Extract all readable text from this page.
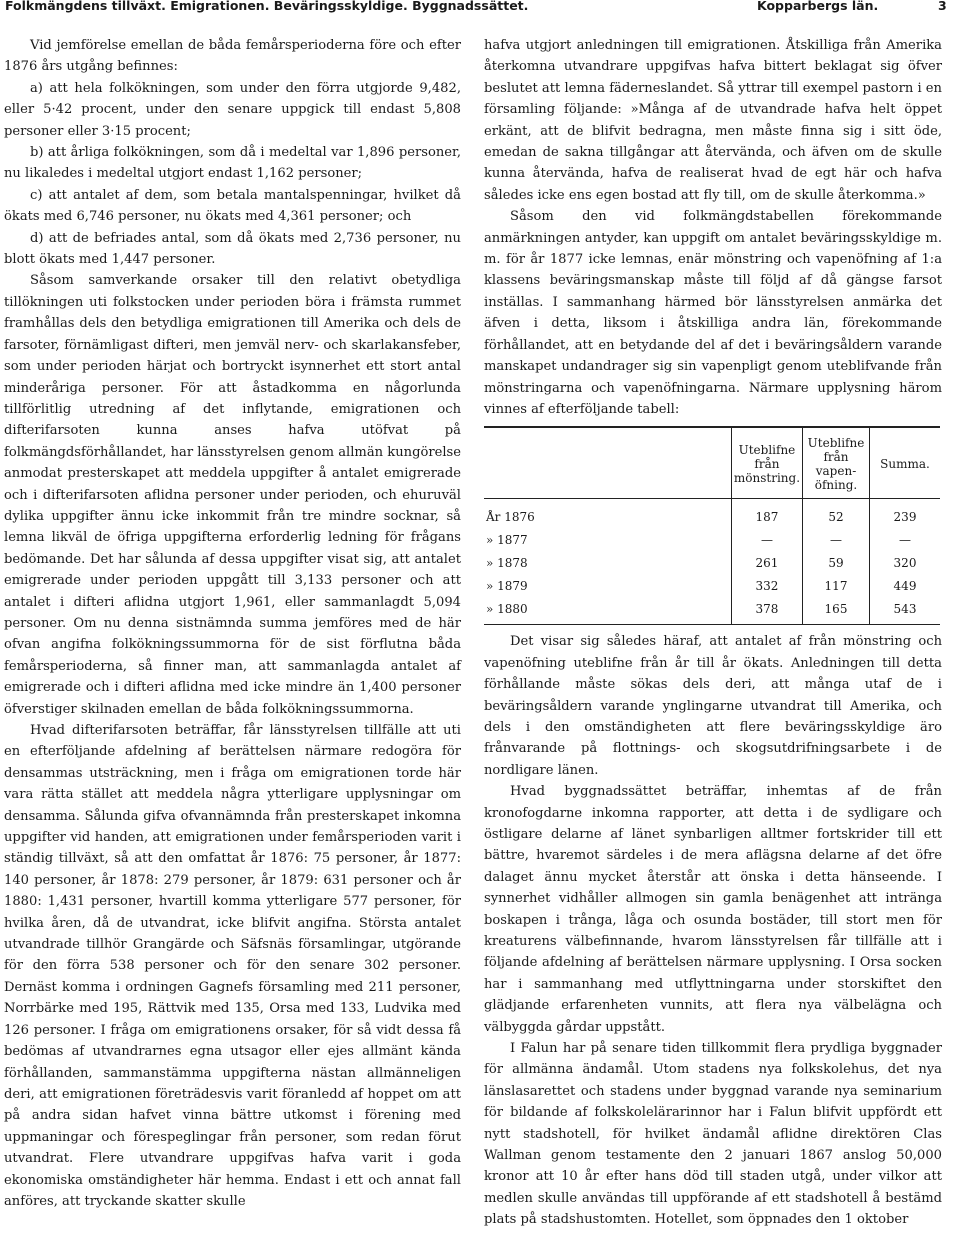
Folkmängdens tillväxt. Emigrationen. Beväringsskyldige. Byggnadssättet.	Kopparbergs län.	3

Vid jemförelse emellan de båda femårsperioderna före och efter 1876 års utgång befinnes:

a) att hela folkökningen, som under den förra utgjorde 9,482, eller 5·42 procent, under den senare uppgick till endast 5,808 personer eller 3·15 procent;

b) att årliga folkökningen, som då i medeltal var 1,896 personer, nu likaledes i medeltal utgjort endast 1,162 personer;

c) att antalet af dem, som betala mantalspenningar, hvilket då ökats med 6,746 personer, nu ökats med 4,361 personer; och

d) att de befriades antal, som då ökats med 2,736 personer, nu blott ökats med 1,447 personer.

Såsom samverkande orsaker till den relativt obetydliga tillökningen uti folkstocken under perioden böra i främsta rummet framhållas dels den betydliga emigrationen till Amerika och dels de farsoter, förnämligast difteri, men jemväl nerv- och skarlakansfeber, som under perioden härjat och bortryckt isynnerhet ett stort antal minderåriga personer. För att åstadkomma en någorlunda tillförlitlig utredning af det inflytande, emigrationen och difterifarsoten kunna anses hafva utöfvat på folkmängdsförhållandet, har länsstyrelsen genom allmän kungörelse anmodat presterskapet att meddela uppgifter å antalet emigrerade och i difterifarsoten aflidna personer under perioden, och ehuruväl dylika uppgifter ännu icke inkommit från tre mindre socknar, så lemna likväl de öfriga uppgifterna erforderlig ledning för frågans bedömande. Det har sålunda af dessa uppgifter visat sig, att antalet emigrerade under perioden uppgått till 3,133 personer och att antalet i difteri aflidna utgjort 1,961, eller sammanlagdt 5,094 personer. Om nu denna sistnämnda summa jemföres med de här ofvan angifna folkökningssummorna för de sist förflutna båda femårsperioderna, så finner man, att sammanlagda antalet af emigrerade och i difteri aflidna med icke mindre än 1,400 personer öfverstiger skilnaden emellan de båda folkökningssummorna.

Hvad difterifarsoten beträffar, får länsstyrelsen tillfälle att uti en efterföljande afdelning af berättelsen närmare redogöra för densammas utsträckning, men i fråga om emigrationen torde här vara rätta stället att meddela några ytterligare upplysningar om densamma. Sålunda gifva ofvannämnda från presterskapet inkomna uppgifter vid handen, att emigrationen under femårsperioden varit i ständig tillväxt, så att den omfattat år 1876: 75 personer, år 1877: 140 personer, år 1878: 279 personer, år 1879: 631 personer och år 1880: 1,431 personer, hvartill komma ytterligare 577 personer, för hvilka åren, då de utvandrat, icke blifvit angifna. Största antalet utvandrade tillhör Grangärde och Säfsnäs församlingar, utgörande för den förra 538 personer och för den senare 302 personer. Dernäst komma i ordningen Gagnefs församling med 211 personer, Norrbärke med 195, Rättvik med 135, Orsa med 133, Ludvika med 126 personer. I fråga om emigrationens orsaker, för så vidt dessa få bedömas af utvandrarnes egna utsagor eller ejes allmänt kända förhållanden, sammanstämma uppgifterna nästan allmänneligen deri, att emigrationen företrädesvis varit föranledd af hoppet om att på andra sidan hafvet vinna bättre utkomst i förening med uppmaningar och förespeglingar från personer, som redan förut utvandrat. Flere utvandrare uppgifvas hafva varit i goda ekonomiska omständigheter här hemma. Endast i ett och annat fall anföres, att tryckande skatter skulle

hafva utgjort anledningen till emigrationen. Åtskilliga från Amerika återkomna utvandrare uppgifvas hafva bittert beklagat sig öfver beslutet att lemna fäderneslandet. Så yttrar till exempel pastorn i en församling följande: »Många af de utvandrade hafva helt öppet erkänt, att de blifvit bedragna, men måste finna sig i sitt öde, emedan de sakna tillgångar att återvända, och äfven om de skulle kunna återvända, hafva de realiserat hvad de egt här och hafva således icke ens egen bostad att fly till, om de skulle återkomma.»

Såsom den vid folkmängdstabellen förekommande anmärkningen antyder, kan uppgift om antalet beväringsskyldige m. m. för år 1877 icke lemnas, enär mönstring och vapenöfning af 1:a klassens beväringsmanskap måste till följd af då gängse farsot inställas. I sammanhang härmed bör länsstyrelsen anmärka det äfven i detta, liksom i åtskilliga andra län, förekommande förhållandet, att en betydande del af det i beväringsåldern varande manskapet undandrager sig sin vapenpligt genom uteblifvande från mönstringarna och vapenöfningarna. Närmare upplysning härom vinnes af efterföljande tabell:

	Uteblifne från mönstring.	Uteblifne från vapen-öfning.	Summa.
År 1876	187	52	239
» 1877	—	—	—
» 1878	261	59	320
» 1879	332	117	449
» 1880	378	165	543

Det visar sig således häraf, att antalet af från mönstring och vapenöfning uteblifne från år till år ökats. Anledningen till detta förhållande måste sökas dels deri, att många utaf de i beväringsåldern varande ynglingarne utvandrat till Amerika, och dels i den omständigheten att flere beväringsskyldige äro frånvarande på flottnings- och skogsutdrifningsarbete i de nordligare länen.

Hvad byggnadssättet beträffar, inhemtas af de från kronofogdarne inkomna rapporter, att detta i de sydligare och östligare delarne af länet synbarligen alltmer fortskrider till ett bättre, hvaremot särdeles i de mera aflägsna delarne af det öfre dalaget ännu mycket återstår att önska i detta hänseende. I synnerhet vidhåller allmogen sin gamla benägenhet att intränga boskapen i trånga, låga och osunda bostäder, till stort men för kreaturens välbefinnande, hvarom länsstyrelsen får tillfälle att i följande afdelning af berättelsen närmare upplysning. I Orsa socken har i sammanhang med utflyttningarna under storskiftet den glädjande erfarenheten vunnits, att flera nya välbelägna och välbyggda gårdar uppstått.

I Falun har på senare tiden tillkommit flera prydliga byggnader för allmänna ändamål. Utom stadens nya folkskolehus, det nya länslasarettet och stadens under byggnad varande nya seminarium för bildande af folkskolelärarinnor har i Falun blifvit uppfördt ett nytt stadshotell, för hvilket ändamål aflidne direktören Clas Wallman genom testamente den 2 januari 1867 anslog 50,000 kronor att 10 år efter hans död till staden utgå, under vilkor att medlen skulle användas till uppförande af ett stadshotell å bestämd plats på stadshustomten. Hotellet, som öppnades den 1 oktober
